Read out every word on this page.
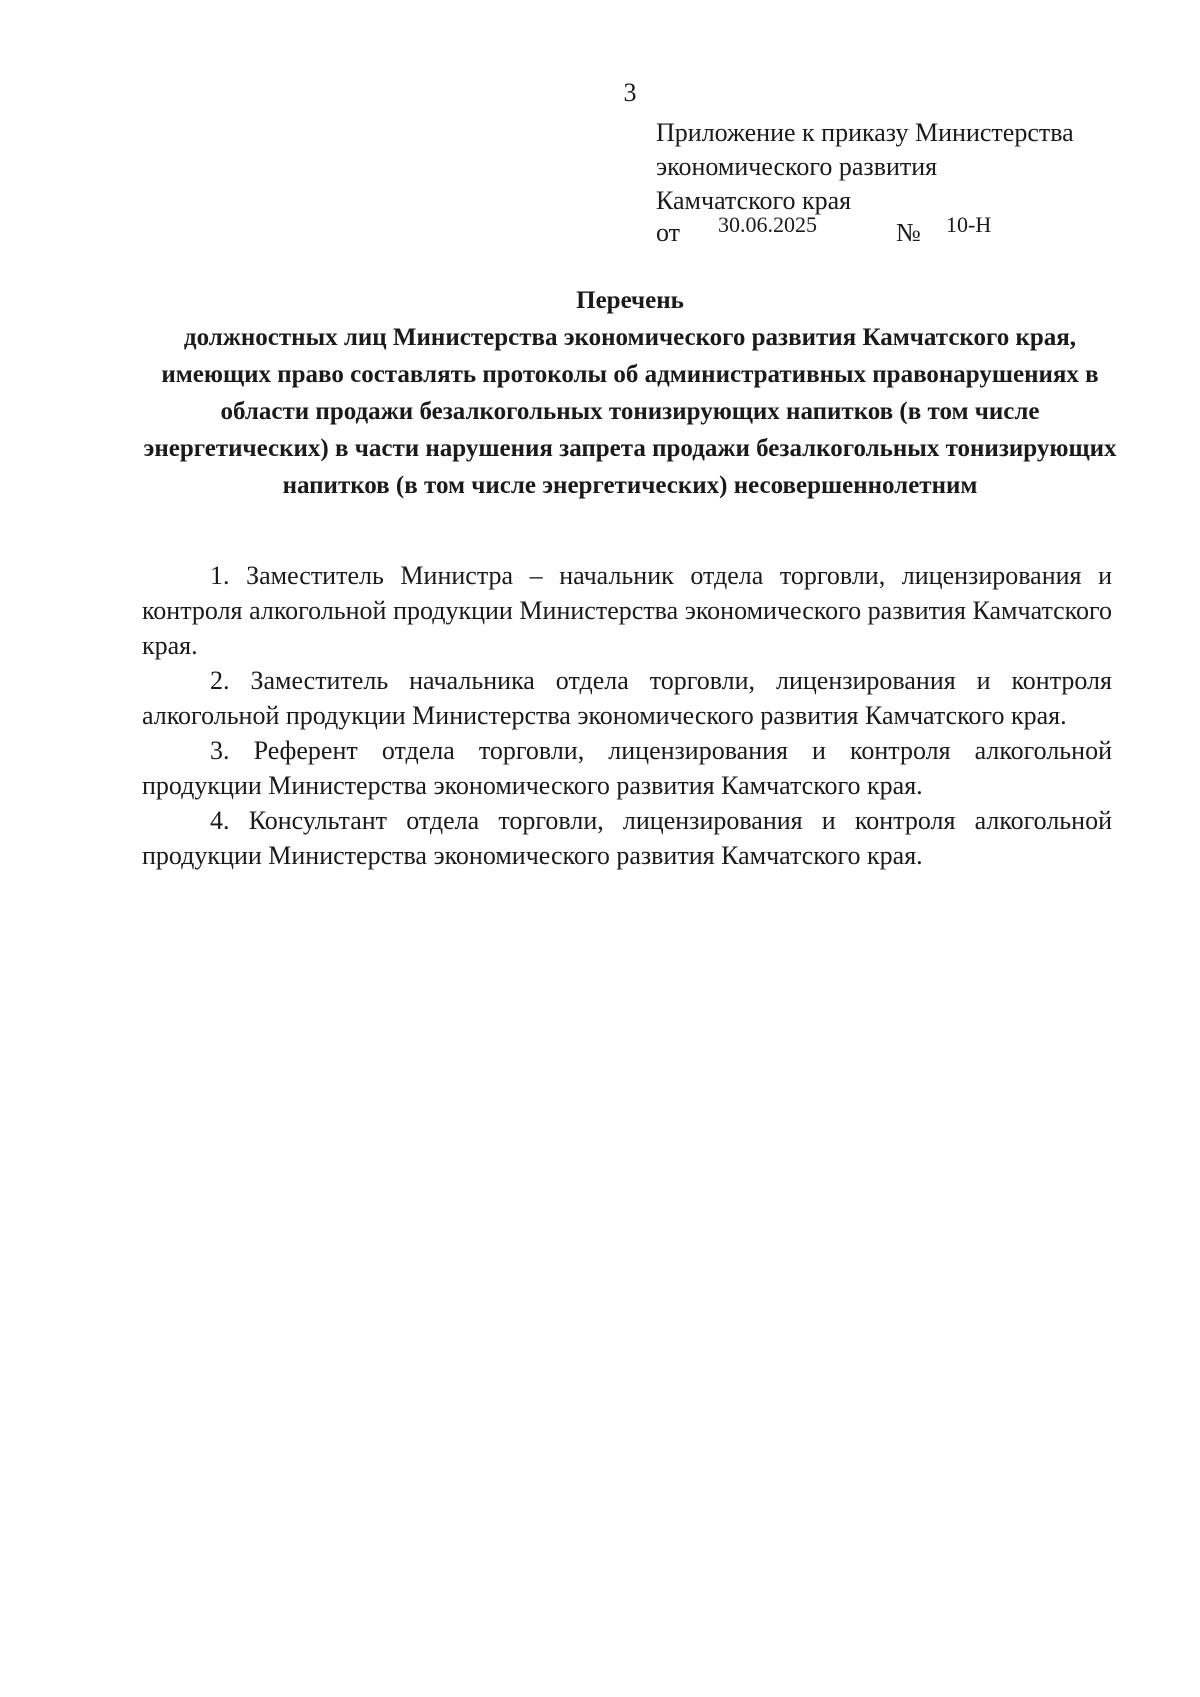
3
Приложение к приказу Министерства
экономического развития
Камчатского края
от 30.06.2025	№ 10-Н
Перечень
должностных лиц Министерства экономического развития Камчатского края, имеющих право составлять протоколы об административных правонарушениях в области продажи безалкогольных тонизирующих напитков (в том числе энергетических) в части нарушения запрета продажи безалкогольных тонизирующих напитков (в том числе энергетических) несовершеннолетним

1. Заместитель Министра – начальник отдела торговли, лицензирования и контроля алкогольной продукции Министерства экономического развития Камчатского края.

2. Заместитель начальника отдела торговли, лицензирования и контроля алкогольной продукции Министерства экономического развития Камчатского края.

3. Референт отдела торговли, лицензирования и контроля алкогольной продукции Министерства экономического развития Камчатского края.

4. Консультант отдела торговли, лицензирования и контроля алкогольной продукции Министерства экономического развития Камчатского края.
